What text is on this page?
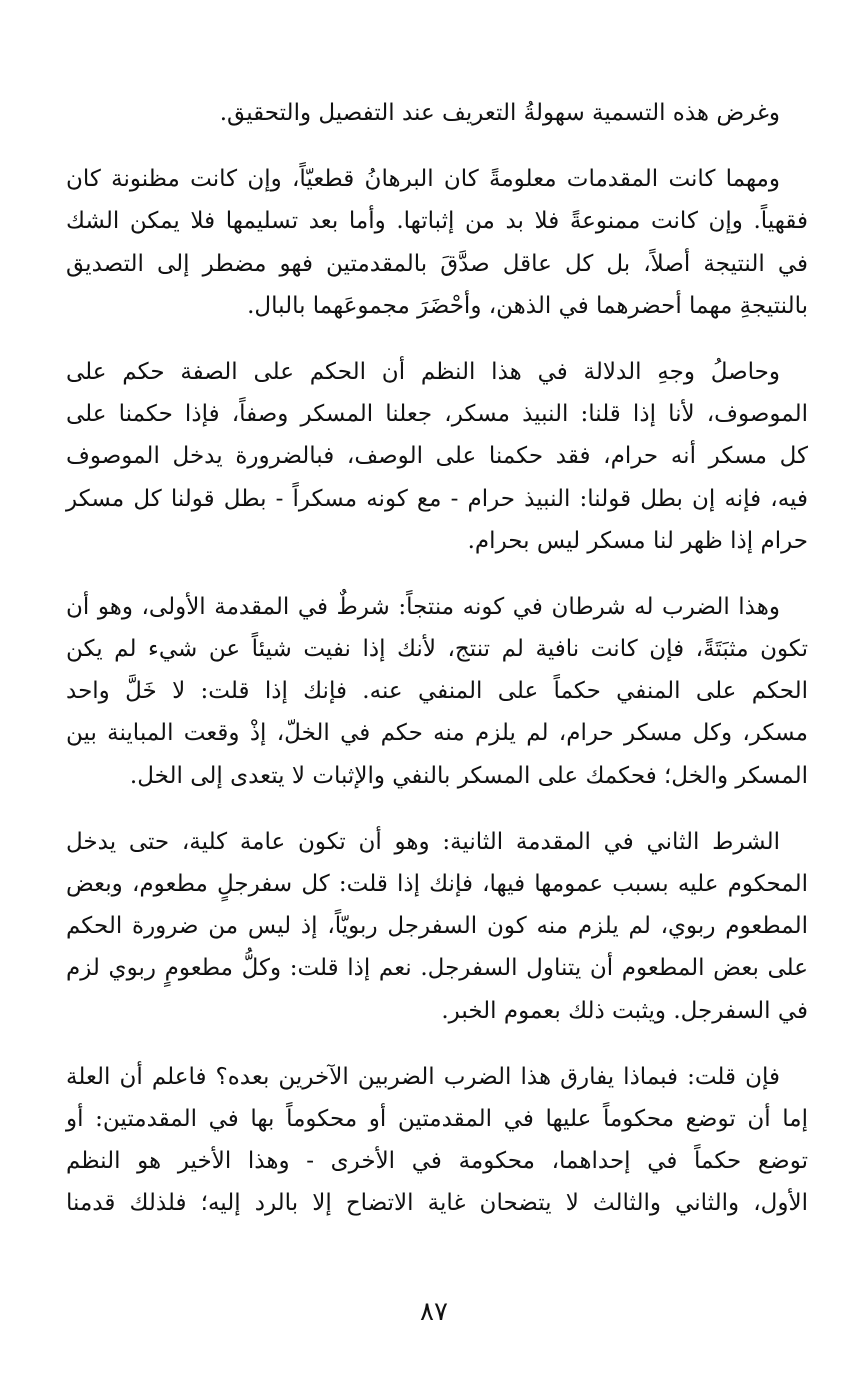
وغرض هذه التسمية سهولةُ التعريف عند التفصيل والتحقيق.
ومهما كانت المقدمات معلومةً كان البرهانُ قطعيّاً، وإن كانت مظنونة كان
فقهياً. وإن كانت ممنوعةً فلا بد من إثباتها. وأما بعد تسليمها فلا يمكن الشك
في النتيجة أصلاً، بل كل عاقل صدَّقَ بالمقدمتين فهو مضطر إلى التصديق
بالنتيجةِ مهما أحضرهما في الذهن، وأحْضَرَ مجموعَهما بالبال.
وحاصلُ وجهِ الدلالة في هذا النظم أن الحكم على الصفة حكم على
الموصوف، لأنا إذا قلنا: النبيذ مسكر، جعلنا المسكر وصفاً، فإذا حكمنا على
كل مسكر أنه حرام، فقد حكمنا على الوصف، فبالضرورة يدخل الموصوف
فيه، فإنه إن بطل قولنا: النبيذ حرام - مع كونه مسكراً - بطل قولنا كل مسكر
حرام إذا ظهر لنا مسكر ليس بحرام.
وهذا الضرب له شرطان في كونه منتجاً: شرطٌ في المقدمة الأولى، وهو أن
تكون مثبَتَةً، فإن كانت نافية لم تنتج، لأنك إذا نفيت شيئاً عن شيء لم يكن
الحكم على المنفي حكماً على المنفي عنه. فإنك إذا قلت: لا خَلَّ واحد
مسكر، وكل مسكر حرام، لم يلزم منه حكم في الخلّ، إذْ وقعت المباينة بين
المسكر والخل؛ فحكمك على المسكر بالنفي والإثبات لا يتعدى إلى الخل.
الشرط الثاني في المقدمة الثانية: وهو أن تكون عامة كلية، حتى يدخل
المحكوم عليه بسبب عمومها فيها، فإنك إذا قلت: كل سفرجلٍ مطعوم، وبعض
المطعوم ربوي، لم يلزم منه كون السفرجل ربويّاً، إذ ليس من ضرورة الحكم
على بعض المطعوم أن يتناول السفرجل. نعم إذا قلت: وكلُّ مطعومٍ ربوي لزم
في السفرجل. ويثبت ذلك بعموم الخبر.
فإن قلت: فبماذا يفارق هذا الضرب الضربين الآخرين بعده؟ فاعلم أن العلة
إما أن توضع محكوماً عليها في المقدمتين أو محكوماً بها في المقدمتين: أو
توضع حكماً في إحداهما، محكومة في الأخرى - وهذا الأخير هو النظم
الأول، والثاني والثالث لا يتضحان غاية الاتضاح إلا بالرد إليه؛ فلذلك قدمنا
٨٧
